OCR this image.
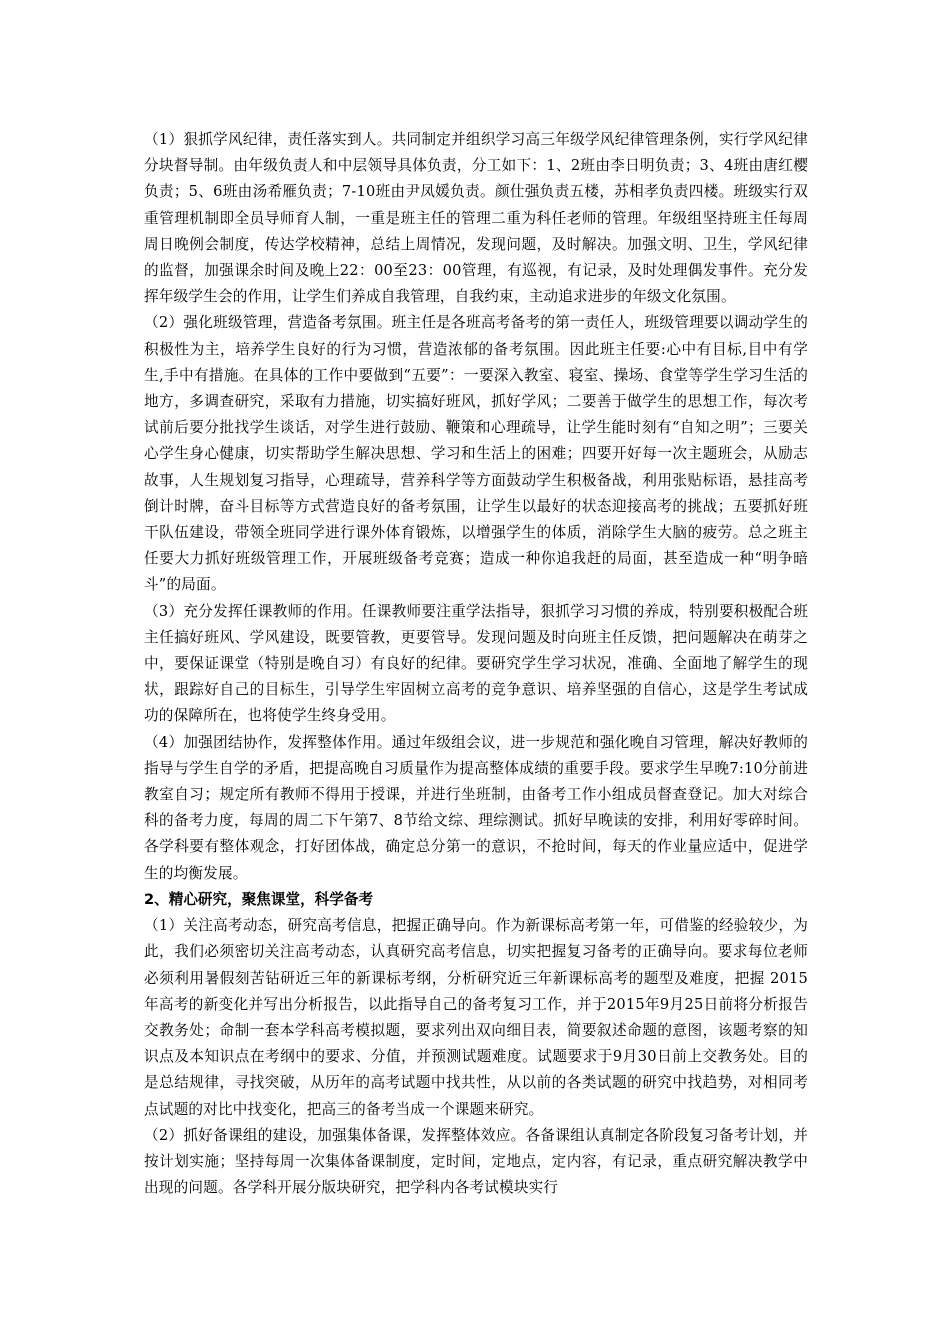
（1）狠抓学风纪律，责任落实到人。共同制定并组织学习高三年级学风纪律管理条例，实行学风纪律分块督导制。由年级负责人和中层领导具体负责，分工如下：1、2班由李日明负责；3、4班由唐红樱负责；5、6班由汤希雁负责；7-10班由尹凤媛负责。颜仕强负责五楼，苏相孝负责四楼。班级实行双重管理机制即全员导师育人制，一重是班主任的管理二重为科任老师的管理。年级组坚持班主任每周周日晚例会制度，传达学校精神，总结上周情况，发现问题，及时解决。加强文明、卫生，学风纪律的监督，加强课余时间及晚上22：00至23：00管理，有巡视，有记录，及时处理偶发事件。充分发挥年级学生会的作用，让学生们养成自我管理，自我约束，主动追求进步的年级文化氛围。

（2）强化班级管理，营造备考氛围。班主任是各班高考备考的第一责任人，班级管理要以调动学生的积极性为主，培养学生良好的行为习惯，营造浓郁的备考氛围。因此班主任要:心中有目标,目中有学生,手中有措施。在具体的工作中要做到“五要”：一要深入教室、寝室、操场、食堂等学生学习生活的地方，多调查研究，采取有力措施，切实搞好班风，抓好学风；二要善于做学生的思想工作，每次考试前后要分批找学生谈话，对学生进行鼓励、鞭策和心理疏导，让学生能时刻有“自知之明”；三要关心学生身心健康，切实帮助学生解决思想、学习和生活上的困难；四要开好每一次主题班会，从励志故事，人生规划复习指导，心理疏导，营养科学等方面鼓动学生积极备战，利用张贴标语，悬挂高考倒计时牌，奋斗目标等方式营造良好的备考氛围，让学生以最好的状态迎接高考的挑战；五要抓好班干队伍建设，带领全班同学进行课外体育锻炼，以增强学生的体质，消除学生大脑的疲劳。总之班主任要大力抓好班级管理工作，开展班级备考竞赛；造成一种你追我赶的局面，甚至造成一种“明争暗斗”的局面。

（3）充分发挥任课教师的作用。任课教师要注重学法指导，狠抓学习习惯的养成，特别要积极配合班主任搞好班风、学风建设，既要管教，更要管导。发现问题及时向班主任反馈，把问题解决在萌芽之中，要保证课堂（特别是晚自习）有良好的纪律。要研究学生学习状况，准确、全面地了解学生的现状，跟踪好自己的目标生，引导学生牢固树立高考的竞争意识、培养坚强的自信心，这是学生考试成功的保障所在，也将使学生终身受用。

（4）加强团结协作，发挥整体作用。通过年级组会议，进一步规范和强化晚自习管理，解决好教师的指导与学生自学的矛盾，把提高晚自习质量作为提高整体成绩的重要手段。要求学生早晚7:10分前进教室自习；规定所有教师不得用于授课，并进行坐班制，由备考工作小组成员督查登记。加大对综合科的备考力度，每周的周二下午第7、8节给文综、理综测试。抓好早晚读的安排，利用好零碎时间。各学科要有整体观念，打好团体战，确定总分第一的意识，不抢时间，每天的作业量应适中，促进学生的均衡发展。

2、精心研究，聚焦课堂，科学备考

（1）关注高考动态，研究高考信息，把握正确导向。作为新课标高考第一年，可借鉴的经验较少，为此，我们必须密切关注高考动态，认真研究高考信息，切实把握复习备考的正确导向。要求每位老师必须利用暑假刻苦钻研近三年的新课标考纲，分析研究近三年新课标高考的题型及难度，把握 2015年高考的新变化并写出分析报告，以此指导自己的备考复习工作，并于2015年9月25日前将分析报告交教务处；命制一套本学科高考模拟题，要求列出双向细目表，简要叙述命题的意图，该题考察的知识点及本知识点在考纲中的要求、分值，并预测试题难度。试题要求于9月30日前上交教务处。目的是总结规律，寻找突破，从历年的高考试题中找共性，从以前的各类试题的研究中找趋势，对相同考点试题的对比中找变化，把高三的备考当成一个课题来研究。

（2）抓好备课组的建设，加强集体备课，发挥整体效应。各备课组认真制定各阶段复习备考计划，并按计划实施；坚持每周一次集体备课制度，定时间，定地点，定内容，有记录，重点研究解决教学中出现的问题。各学科开展分版块研究，把学科内各考试模块实行
